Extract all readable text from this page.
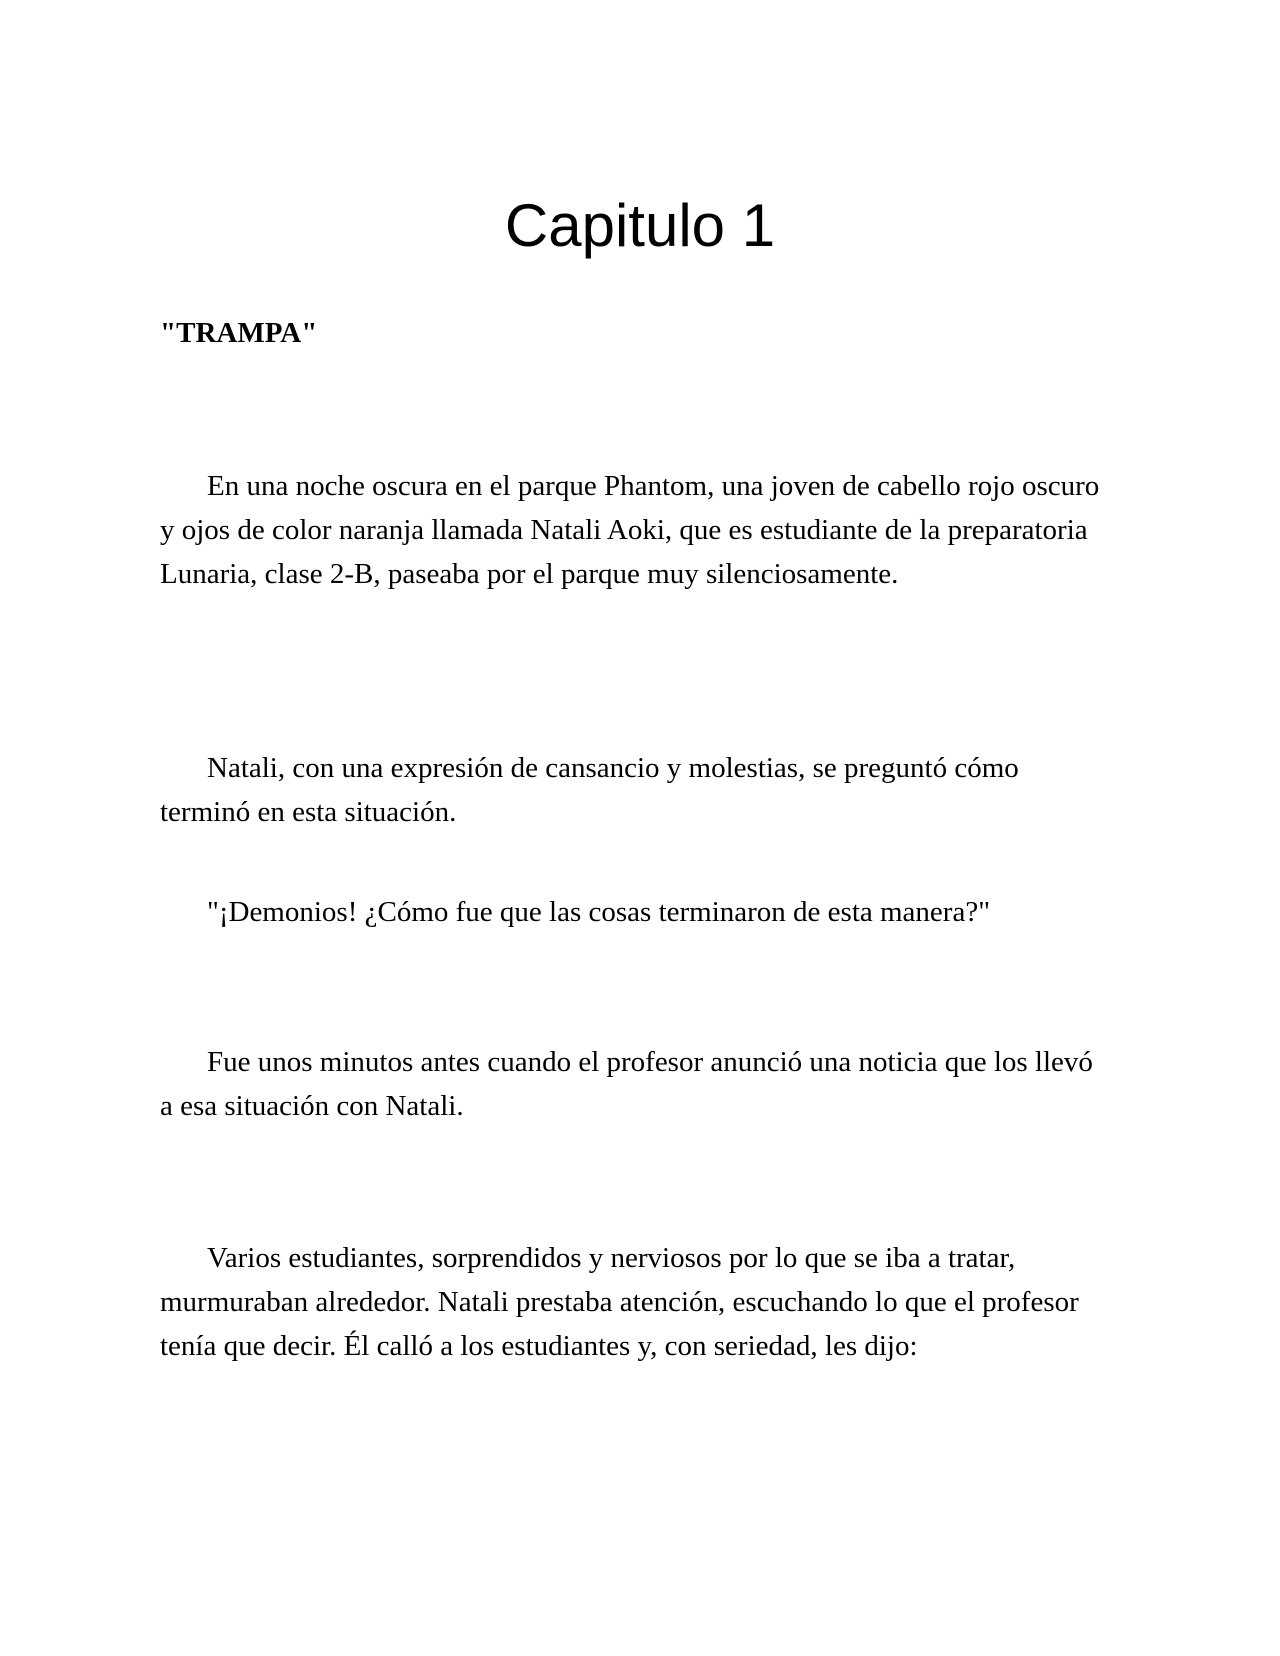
Capitulo 1

"TRAMPA"

En una noche oscura en el parque Phantom, una joven de cabello rojo oscuro y ojos de color naranja llamada Natali Aoki, que es estudiante de la preparatoria Lunaria, clase 2-B, paseaba por el parque muy silenciosamente.

Natali, con una expresión de cansancio y molestias, se preguntó cómo terminó en esta situación.

"¡Demonios! ¿Cómo fue que las cosas terminaron de esta manera?"

Fue unos minutos antes cuando el profesor anunció una noticia que los llevó a esa situación con Natali.

Varios estudiantes, sorprendidos y nerviosos por lo que se iba a tratar, murmuraban alrededor. Natali prestaba atención, escuchando lo que el profesor tenía que decir. Él calló a los estudiantes y, con seriedad, les dijo:
